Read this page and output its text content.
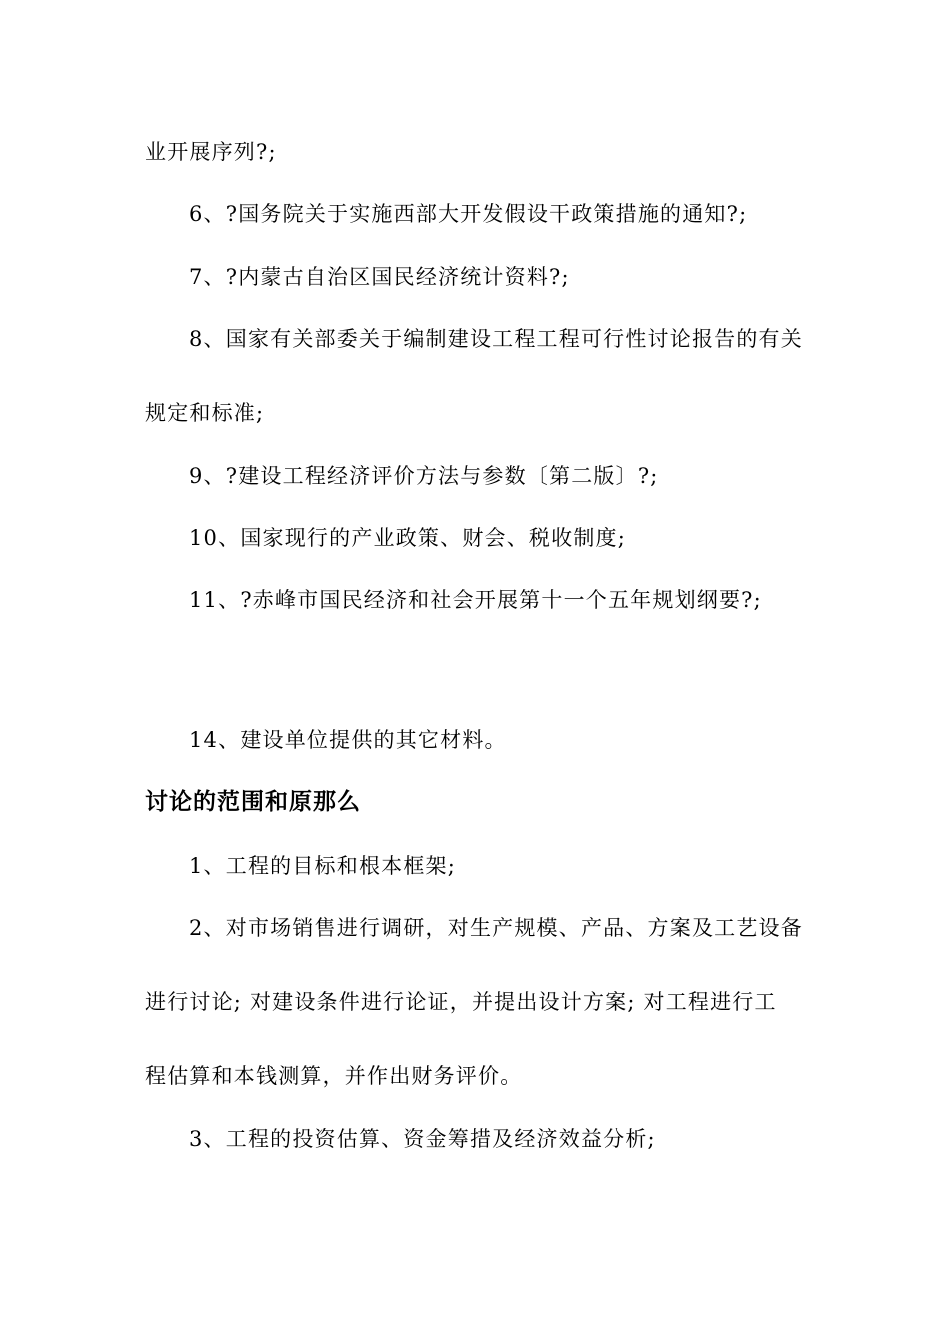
业开展序列?;
6、?国务院关于实施西部大开发假设干政策措施的通知?;
7、?内蒙古自治区国民经济统计资料?;
8、国家有关部委关于编制建设工程工程可行性讨论报告的有关
规定和标准;
9、?建设工程经济评价方法与参数〔第二版〕?;
10、国家现行的产业政策、财会、税收制度;
11、?赤峰市国民经济和社会开展第十一个五年规划纲要?;
14、建设单位提供的其它材料。
讨论的范围和原那么
1、工程的目标和根本框架;
2、对市场销售进行调研，对生产规模、产品、方案及工艺设备
进行讨论; 对建设条件进行论证，并提出设计方案; 对工程进行工
程估算和本钱测算，并作出财务评价。
3、工程的投资估算、资金筹措及经济效益分析;
